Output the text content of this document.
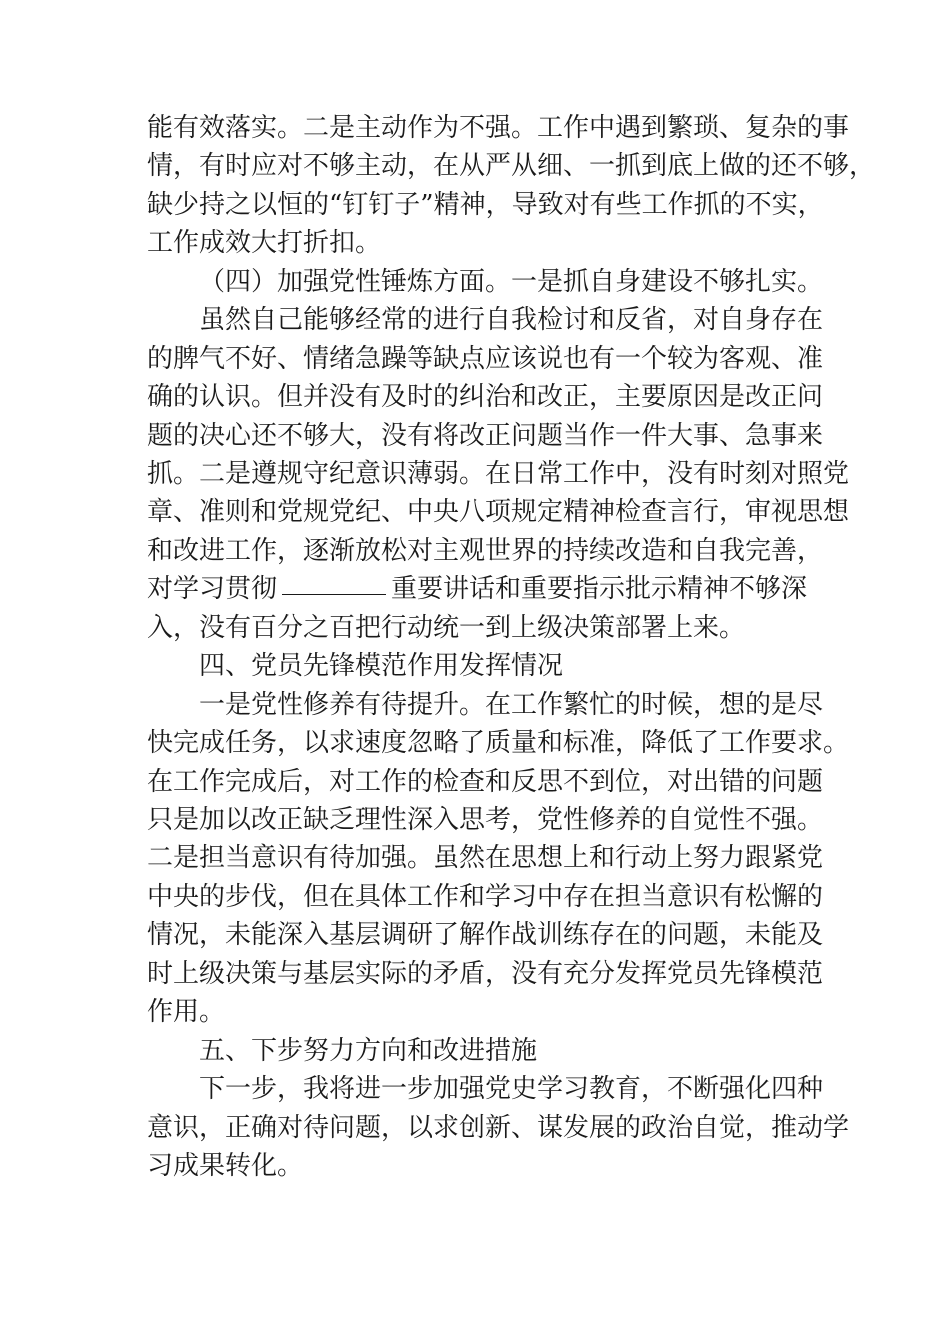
能有效落实。二是主动作为不强。工作中遇到繁琐、复杂的事
情，有时应对不够主动，在从严从细、一抓到底上做的还不够，
缺少持之以恒的“钉钉子”精神，导致对有些工作抓的不实，
工作成效大打折扣。
（四）加强党性锤炼方面。一是抓自身建设不够扎实。
虽然自己能够经常的进行自我检讨和反省，对自身存在
的脾气不好、情绪急躁等缺点应该说也有一个较为客观、准
确的认识。但并没有及时的纠治和改正，主要原因是改正问
题的决心还不够大，没有将改正问题当作一件大事、急事来
抓。二是遵规守纪意识薄弱。在日常工作中，没有时刻对照党
章、准则和党规党纪、中央八项规定精神检查言行，审视思想
和改进工作，逐渐放松对主观世界的持续改造和自我完善，
对学习贯彻	重要讲话和重要指示批示精神不够深
入，没有百分之百把行动统一到上级决策部署上来。
四、党员先锋模范作用发挥情况
一是党性修养有待提升。在工作繁忙的时候，想的是尽
快完成任务，以求速度忽略了质量和标准，降低了工作要求。
在工作完成后，对工作的检查和反思不到位，对出错的问题
只是加以改正缺乏理性深入思考，党性修养的自觉性不强。
二是担当意识有待加强。虽然在思想上和行动上努力跟紧党
中央的步伐，但在具体工作和学习中存在担当意识有松懈的
情况，未能深入基层调研了解作战训练存在的问题，未能及
时上级决策与基层实际的矛盾，没有充分发挥党员先锋模范
作用。
五、下步努力方向和改进措施
下一步，我将进一步加强党史学习教育，不断强化四种
意识，正确对待问题，以求创新、谋发展的政治自觉，推动学
习成果转化。
